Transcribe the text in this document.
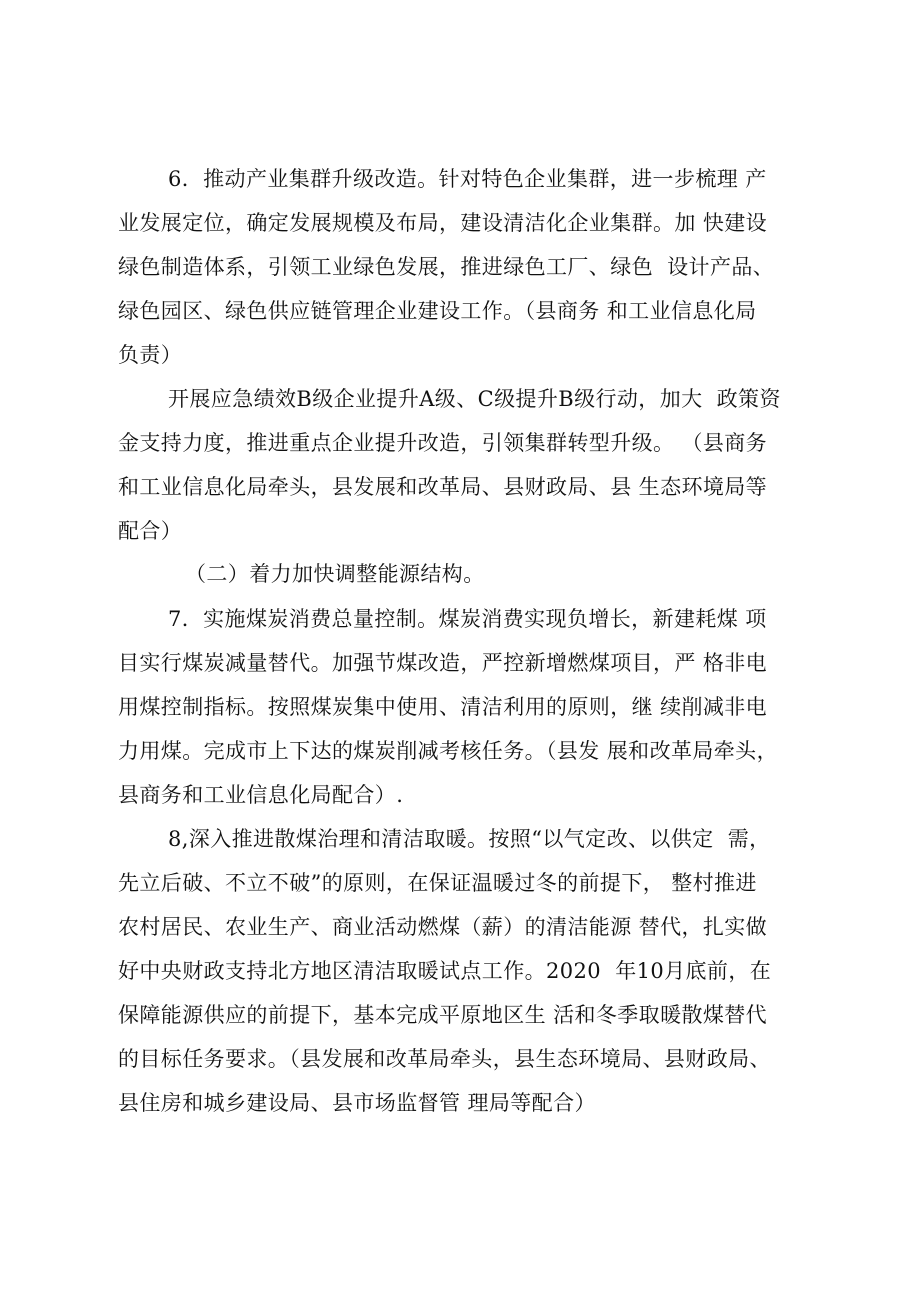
6．推动产业集群升级改造。针对特色企业集群，进一步梳理 产
业发展定位，确定发展规模及布局，建设清洁化企业集群。加 快建设
绿色制造体系，引领工业绿色发展，推进绿色工厂、绿色  设计产品、
绿色园区、绿色供应链管理企业建设工作。（县商务 和工业信息化局
负责）
开展应急绩效B级企业提升A级、C级提升B级行动，加大  政策资
金支持力度，推进重点企业提升改造，引领集群转型升级。 （县商务
和工业信息化局牵头，县发展和改革局、县财政局、县 生态环境局等
配合）
（二）着力加快调整能源结构。
7．实施煤炭消费总量控制。煤炭消费实现负增长，新建耗煤 项
目实行煤炭减量替代。加强节煤改造，严控新增燃煤项目，严 格非电
用煤控制指标。按照煤炭集中使用、清洁利用的原则，继 续削减非电
力用煤。完成市上下达的煤炭削减考核任务。（县发 展和改革局牵头，
县商务和工业信息化局配合）.
8,深入推进散煤治理和清洁取暖。按照“以气定改、以供定  需，
先立后破、不立不破”的原则，在保证温暖过冬的前提下， 整村推进
农村居民、农业生产、商业活动燃煤（薪）的清洁能源 替代，扎实做
好中央财政支持北方地区清洁取暖试点工作。2020  年10月底前，在
保障能源供应的前提下，基本完成平原地区生 活和冬季取暖散煤替代
的目标任务要求。（县发展和改革局牵头，县生态环境局、县财政局、
县住房和城乡建设局、县市场监督管 理局等配合）
